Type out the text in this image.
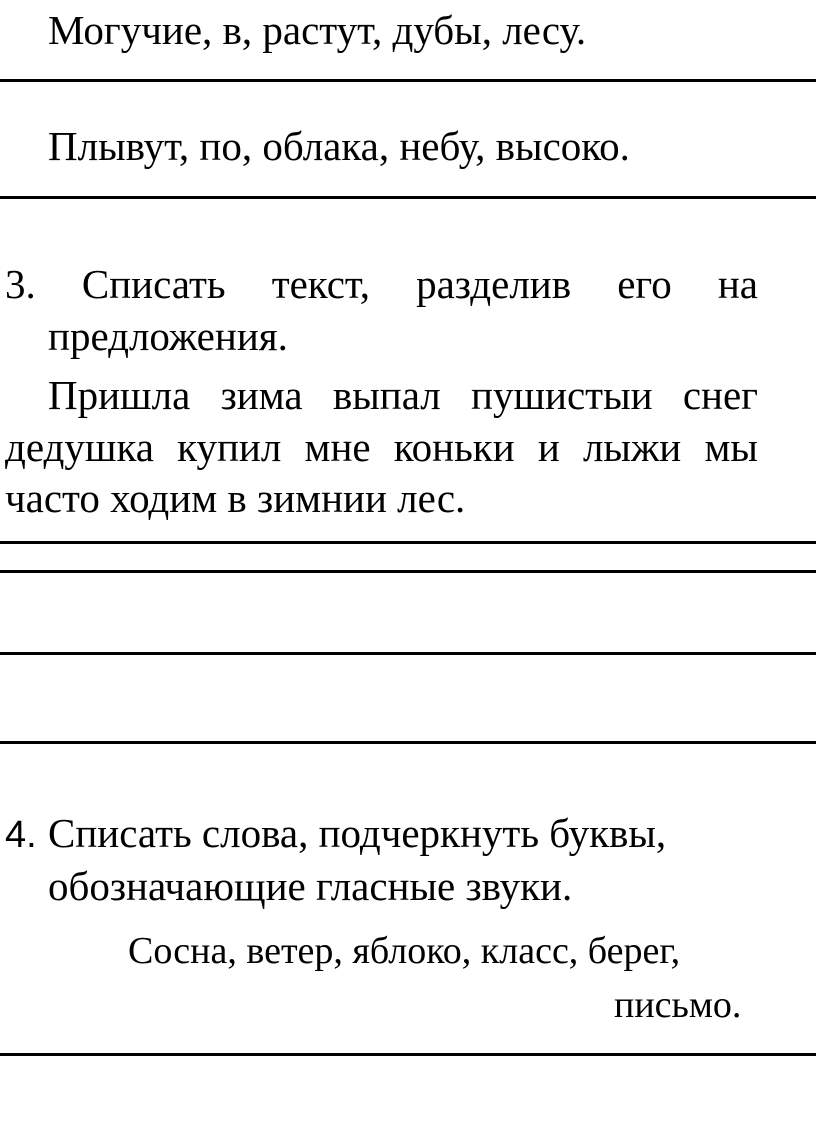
Могучие, в, растут, дубы, лесу.
Плывут, по, облака, небу, высоко.
3. Списать текст, разделив его на
предложения.
Пришла зима выпал пушистыи снег
дедушка купил мне коньки и лыжи мы
часто ходим в зимнии лес.
4. Списать слова, подчеркнуть буквы,
обозначающие гласные звуки.
Сосна, ветер, яблоко, класс, берег,
письмо.
